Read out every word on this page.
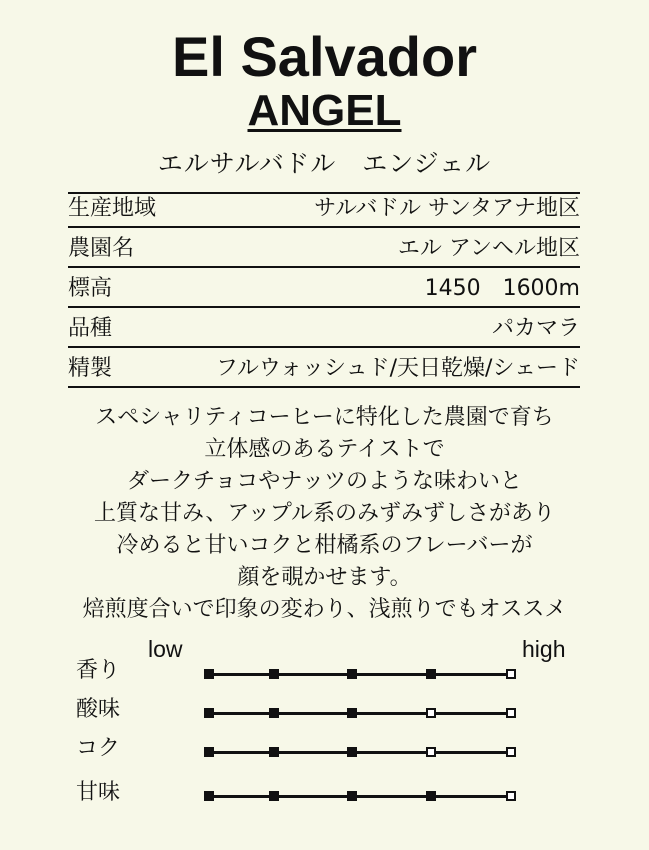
El Salvador
ANGEL
エルサルバドル　エンジェル
生産地域	サルバドル サンタアナ地区
農園名	エル アンヘル地区
標高	1450　1600m
品種	パカマラ
精製	フルウォッシュド/天日乾燥/シェード
スペシャリティコーヒーに特化した農園で育ち
立体感のあるテイストで
ダークチョコやナッツのような味わいと
上質な甘み、アップル系のみずみずしさがあり
冷めると甘いコクと柑橘系のフレーバーが
顔を覗かせます。
焙煎度合いで印象の変わり、浅煎りでもオススメ
low	high
香り
酸味
コク
甘味
